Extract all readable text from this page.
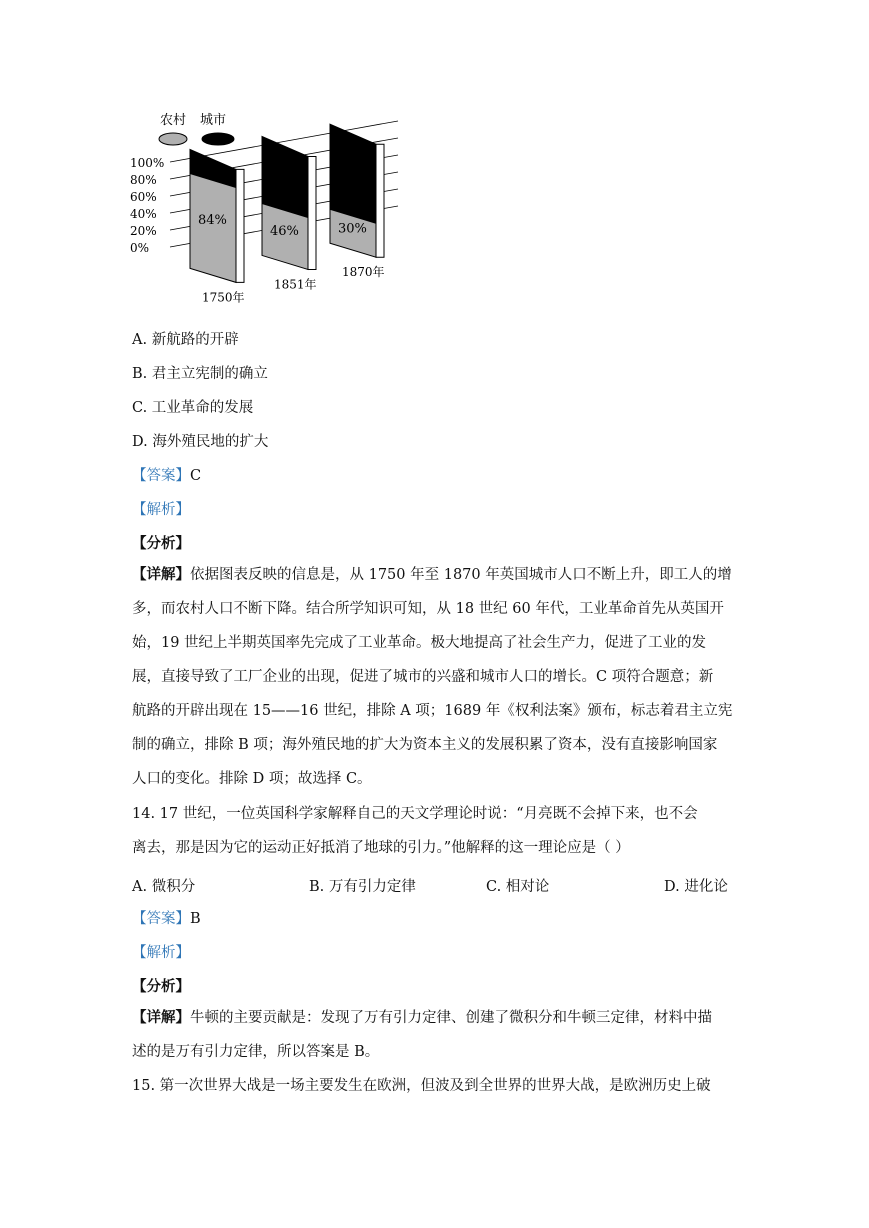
农村 城市
100%
80%
60%
40%
20%
0%
84%
46%	30%
1750年
1851年
1870年
A. 新航路的开辟
B. 君主立宪制的确立
C. 工业革命的发展
D. 海外殖民地的扩大
【答案】C
【解析】
【分析】
【详解】依据图表反映的信息是，从 1750 年至 1870 年英国城市人口不断上升，即工人的增
多，而农村人口不断下降。结合所学知识可知，从 18 世纪 60 年代，工业革命首先从英国开
始，19 世纪上半期英国率先完成了工业革命。极大地提高了社会生产力，促进了工业的发
展，直接导致了工厂企业的出现，促进了城市的兴盛和城市人口的增长。C 项符合题意；新
航路的开辟出现在 15——16 世纪，排除 A 项；1689 年《权利法案》颁布，标志着君主立宪
制的确立，排除 B 项；海外殖民地的扩大为资本主义的发展积累了资本，没有直接影响国家
人口的变化。排除 D 项；故选择 C。
14. 17 世纪，一位英国科学家解释自己的天文学理论时说：“月亮既不会掉下来，也不会
离去，那是因为它的运动正好抵消了地球的引力。”他解释的这一理论应是（ ）
A. 微积分	B. 万有引力定律	C. 相对论	D. 进化论
【答案】B
【解析】
【分析】
【详解】牛顿的主要贡献是：发现了万有引力定律、创建了微积分和牛顿三定律，材料中描
述的是万有引力定律，所以答案是 B。
15. 第一次世界大战是一场主要发生在欧洲，但波及到全世界的世界大战，是欧洲历史上破
